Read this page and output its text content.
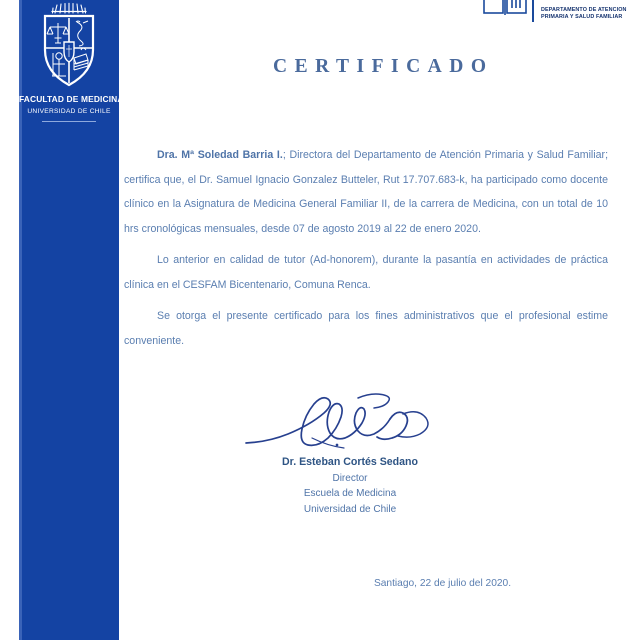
FACULTAD DE MEDICINA
UNIVERSIDAD DE CHILE
DEPARTAMENTO DE ATENCION
PRIMARIA Y SALUD FAMILIAR
CERTIFICADO

Dra. Mª Soledad Barria I.; Directora del Departamento de Atención Primaria y Salud Familiar; certifica que, el Dr. Samuel Ignacio Gonzalez Butteler, Rut 17.707.683-k, ha participado como docente clínico en la Asignatura de Medicina General Familiar II, de la carrera de Medicina, con un total de 10 hrs cronológicas mensuales, desde 07 de agosto 2019 al 22 de enero 2020.

Lo anterior en calidad de tutor (Ad-honorem), durante la pasantía en actividades de práctica clínica en el CESFAM Bicentenario, Comuna Renca.

Se otorga el presente certificado para los fines administrativos que el profesional estime conveniente.

Dr. Esteban Cortés Sedano
Director
Escuela de Medicina
Universidad de Chile
Santiago, 22 de julio del 2020.
